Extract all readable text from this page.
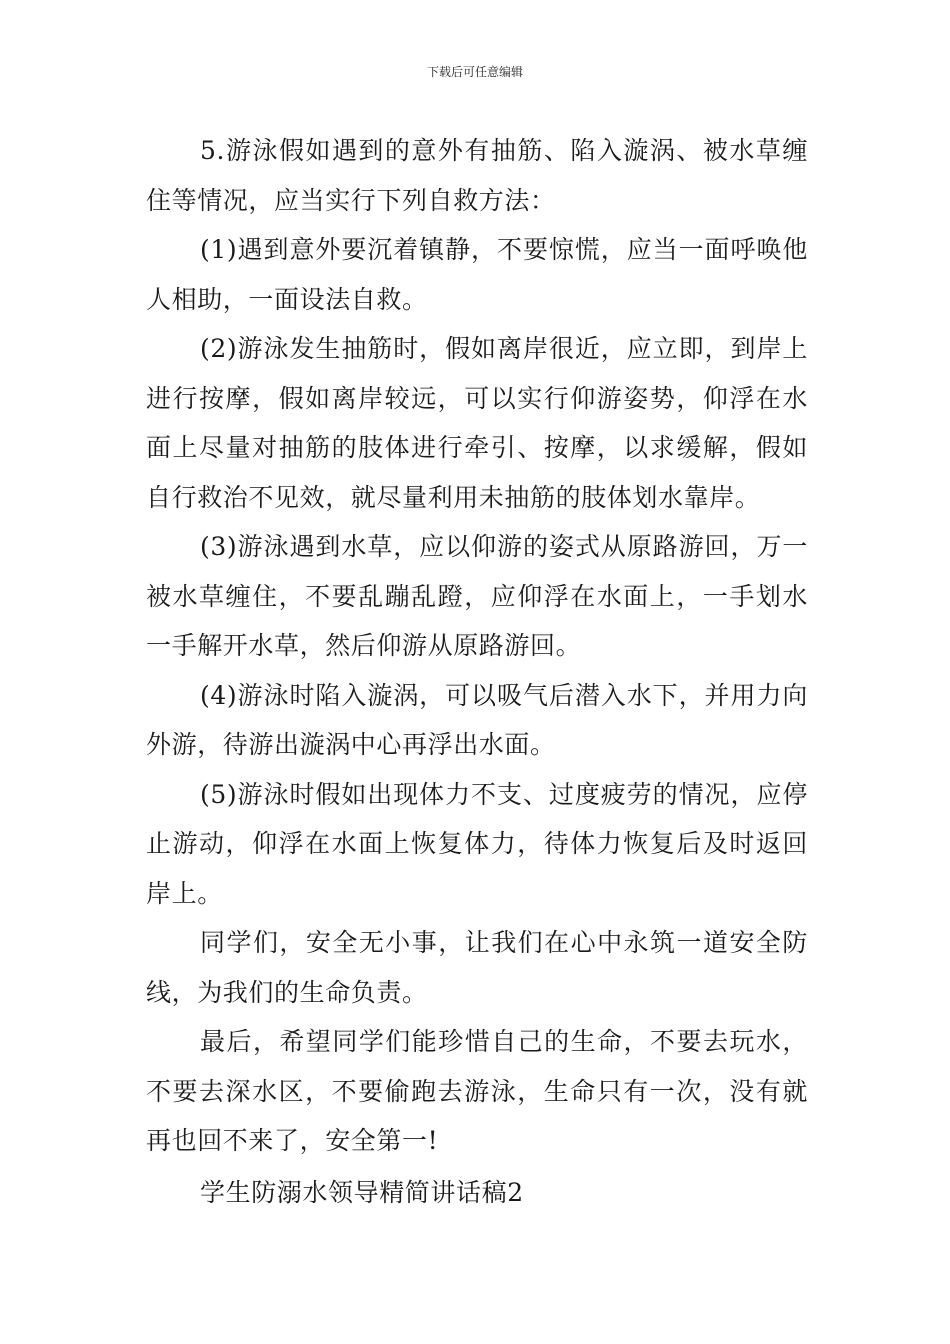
下载后可任意编辑

5.游泳假如遇到的意外有抽筋、陷入漩涡、被水草缠住等情况，应当实行下列自救方法：

(1)遇到意外要沉着镇静，不要惊慌，应当一面呼唤他人相助，一面设法自救。

(2)游泳发生抽筋时，假如离岸很近，应立即，到岸上进行按摩，假如离岸较远，可以实行仰游姿势，仰浮在水面上尽量对抽筋的肢体进行牵引、按摩，以求缓解，假如自行救治不见效，就尽量利用未抽筋的肢体划水靠岸。

(3)游泳遇到水草，应以仰游的姿式从原路游回，万一被水草缠住，不要乱蹦乱蹬，应仰浮在水面上，一手划水一手解开水草，然后仰游从原路游回。

(4)游泳时陷入漩涡，可以吸气后潜入水下，并用力向外游，待游出漩涡中心再浮出水面。

(5)游泳时假如出现体力不支、过度疲劳的情况，应停止游动，仰浮在水面上恢复体力，待体力恢复后及时返回岸上。

同学们，安全无小事，让我们在心中永筑一道安全防线，为我们的生命负责。

最后，希望同学们能珍惜自己的生命，不要去玩水，不要去深水区，不要偷跑去游泳，生命只有一次，没有就再也回不来了，安全第一!

学生防溺水领导精简讲话稿2
